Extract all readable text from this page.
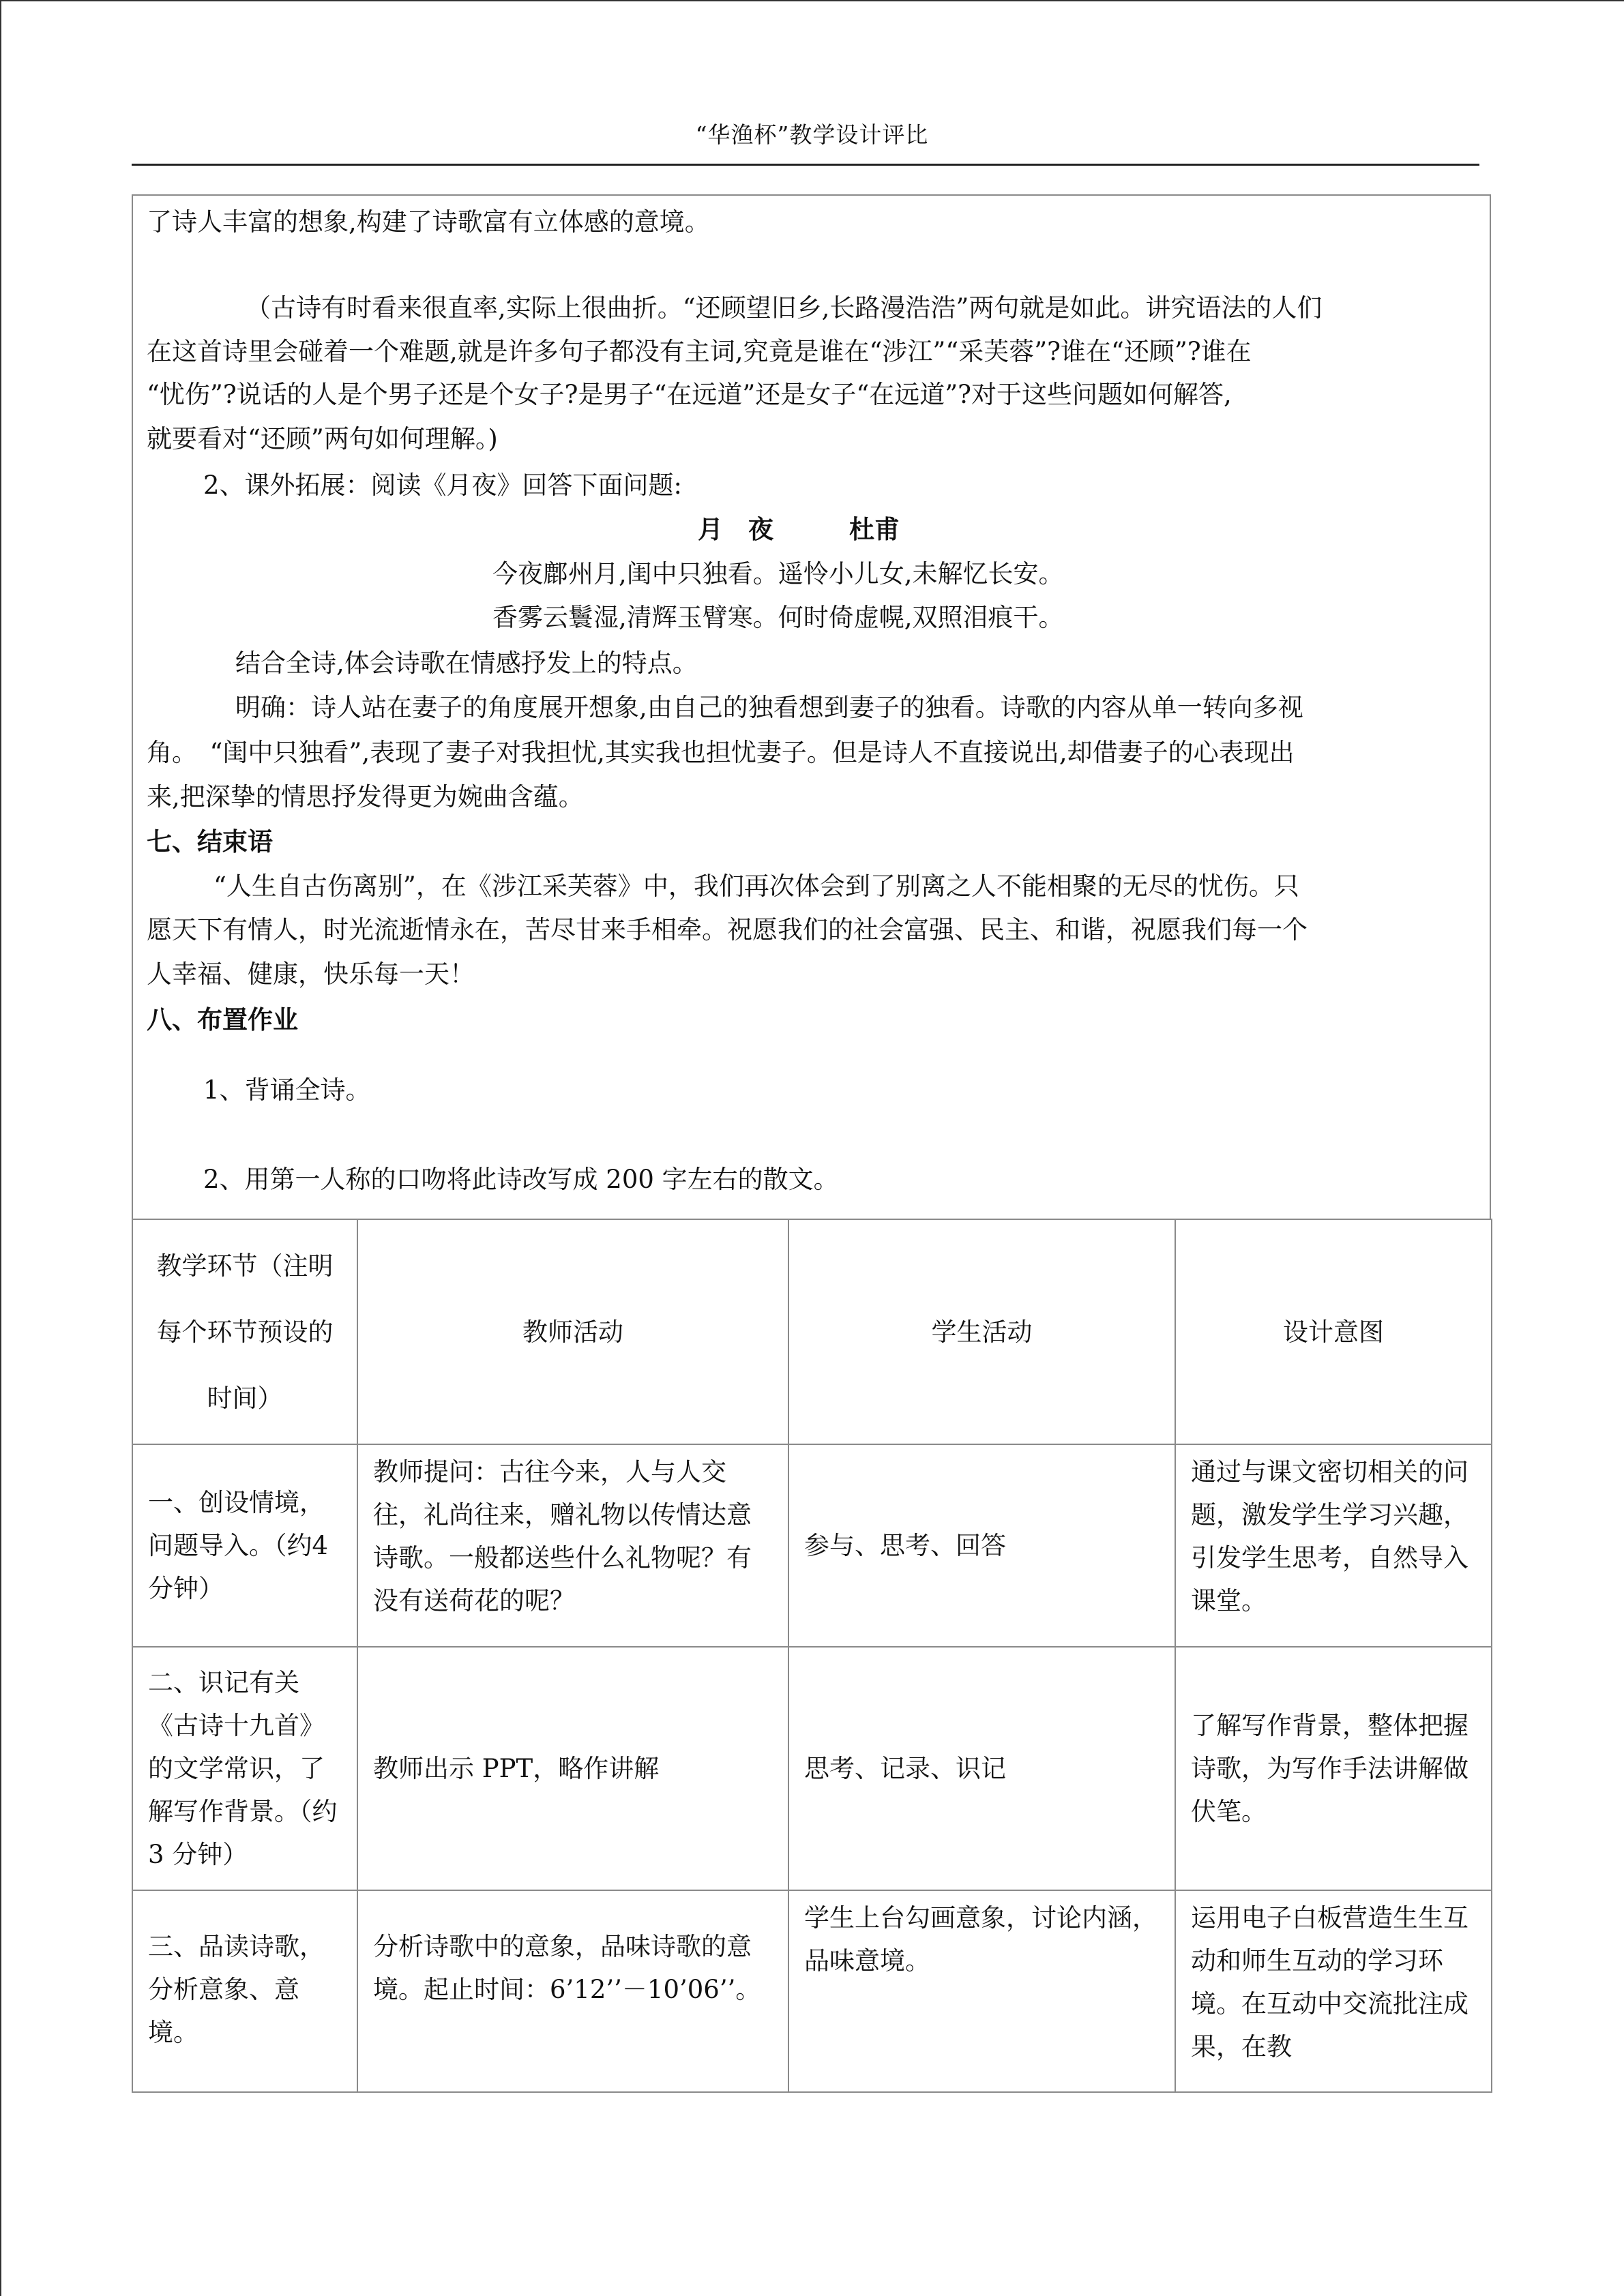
“华渔杯”教学设计评比
了诗人丰富的想象,构建了诗歌富有立体感的意境。
（古诗有时看来很直率,实际上很曲折。“还顾望旧乡,长路漫浩浩”两句就是如此。讲究语法的人们
在这首诗里会碰着一个难题,就是许多句子都没有主词,究竟是谁在“涉江”“采芙蓉”?谁在“还顾”?谁在
“忧伤”?说话的人是个男子还是个女子?是男子“在远道”还是女子“在远道”?对于这些问题如何解答,
就要看对“还顾”两句如何理解。)
2、课外拓展：阅读《月夜》回答下面问题:
月　夜　　　杜甫
今夜鄜州月,闺中只独看。遥怜小儿女,未解忆长安。
香雾云鬟湿,清辉玉臂寒。何时倚虚幌,双照泪痕干。
结合全诗,体会诗歌在情感抒发上的特点。
明确：诗人站在妻子的角度展开想象,由自己的独看想到妻子的独看。诗歌的内容从单一转向多视
角。　“闺中只独看”,表现了妻子对我担忧,其实我也担忧妻子。但是诗人不直接说出,却借妻子的心表现出
来,把深挚的情思抒发得更为婉曲含蕴。
七、结束语
“人生自古伤离别”，在《涉江采芙蓉》中，我们再次体会到了别离之人不能相聚的无尽的忧伤。只
愿天下有情人，时光流逝情永在，苦尽甘来手相牵。祝愿我们的社会富强、民主、和谐，祝愿我们每一个
人幸福、健康，快乐每一天！
八、布置作业
1、背诵全诗。
2、用第一人称的口吻将此诗改写成 200 字左右的散文。
教学环节（注明每个环节预设的时间）	教师活动	学生活动	设计意图
一、创设情境，问题导入。（约4 分钟）	教师提问：古往今来，人与人交往，礼尚往来，赠礼物以传情达意诗歌。一般都送些什么礼物呢？有没有送荷花的呢？	参与、思考、回答	通过与课文密切相关的问题，激发学生学习兴趣，引发学生思考，自然导入课堂。
二、识记有关《古诗十九首》的文学常识，了解写作背景。（约 3 分钟）	教师出示 PPT，略作讲解	思考、记录、识记	了解写作背景，整体把握诗歌，为写作手法讲解做伏笔。
三、品读诗歌，分析意象、意境。	分析诗歌中的意象，品味诗歌的意境。起止时间：6’12’’－10’06’’。	学生上台勾画意象，讨论内涵，品味意境。	运用电子白板营造生生互动和师生互动的学习环境。在互动中交流批注成果，在教
